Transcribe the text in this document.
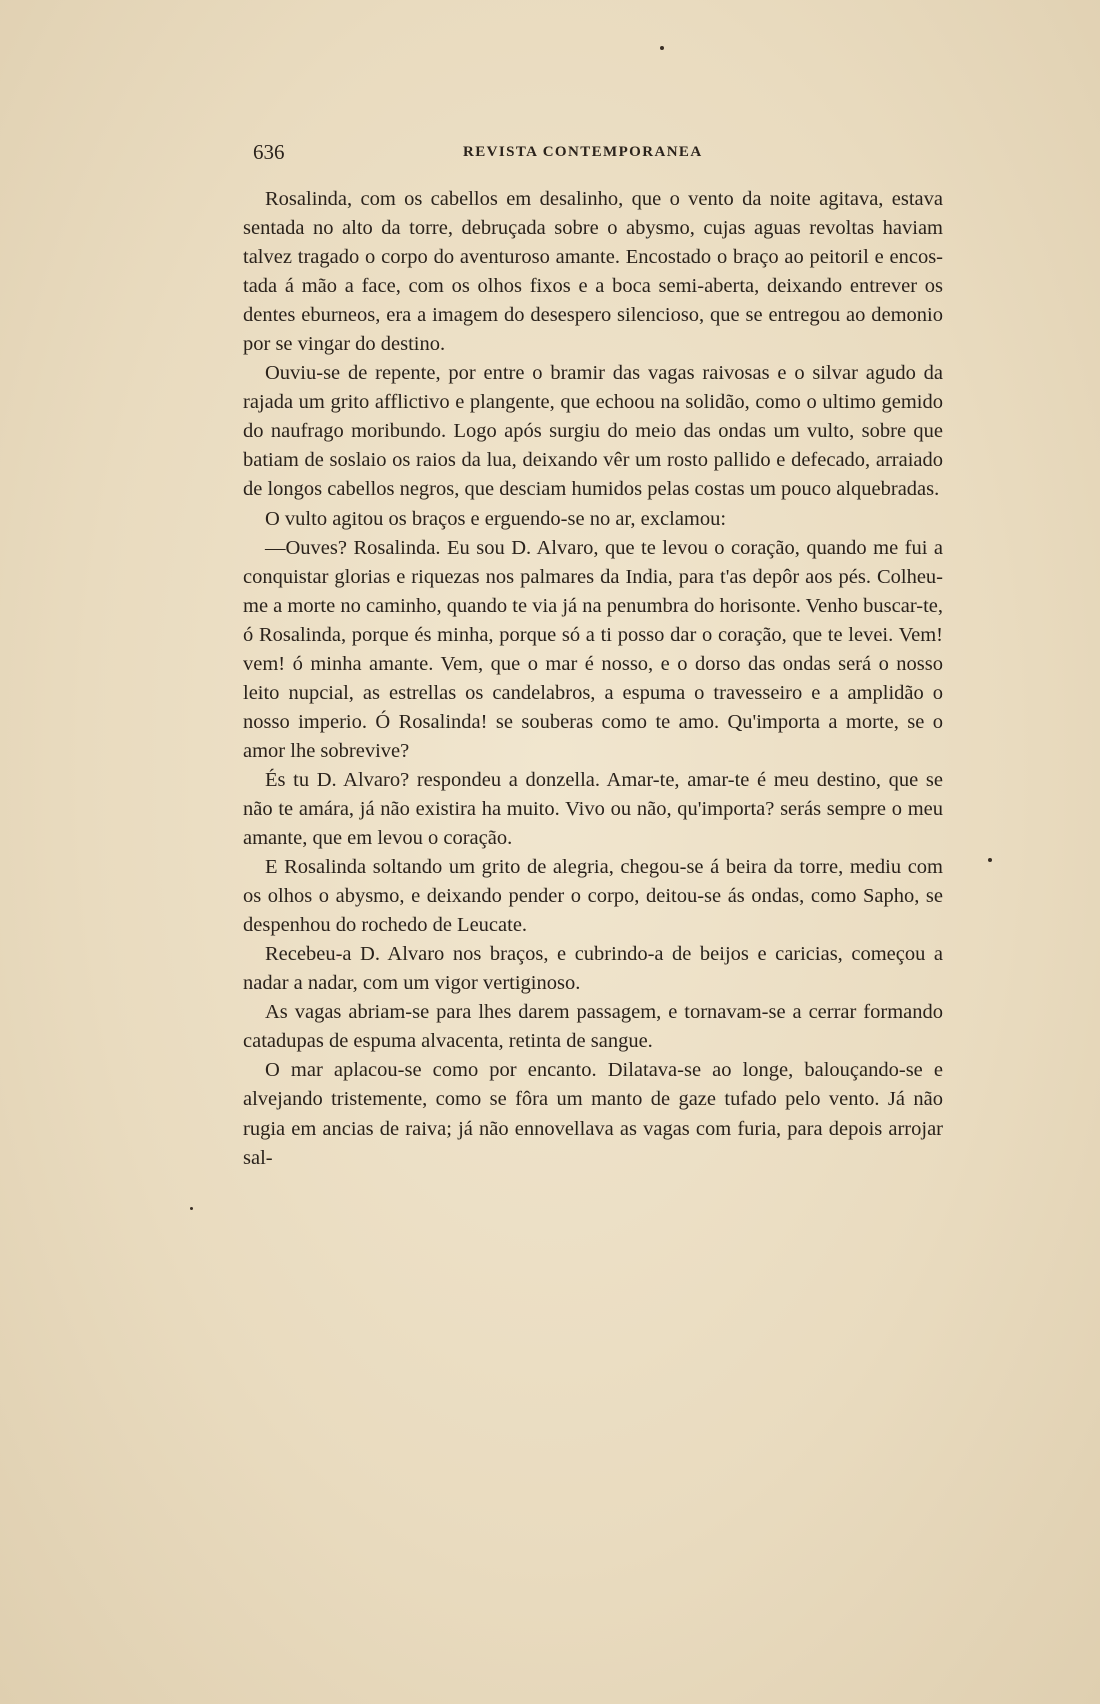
636	REVISTA CONTEMPORANEA

Rosalinda, com os cabellos em desalinho, que o vento da noite agitava, estava sentada no alto da torre, debruçada sobre o abysmo, cujas aguas revoltas haviam talvez tragado o corpo do aventuroso amante. Encostado o braço ao peitoril e encostada á mão a face, com os olhos fixos e a boca semi-aberta, deixando entrever os dentes eburneos, era a imagem do desespero silencioso, que se entregou ao demonio por se vingar do destino.

Ouviu-se de repente, por entre o bramir das vagas raivosas e o silvar agudo da rajada um grito afflictivo e plangente, que echoou na solidão, como o ultimo gemido do naufrago moribundo. Logo após surgiu do meio das ondas um vulto, sobre que batiam de soslaio os raios da lua, deixando vêr um rosto pallido e defecado, arraiado de longos cabellos negros, que desciam humidos pelas costas um pouco alquebradas.

O vulto agitou os braços e erguendo-se no ar, exclamou:

—Ouves? Rosalinda. Eu sou D. Alvaro, que te levou o coração, quando me fui a conquistar glorias e riquezas nos palmares da India, para t'as depôr aos pés. Colheu-me a morte no caminho, quando te via já na penumbra do horisonte. Venho buscar-te, ó Rosalinda, porque és minha, porque só a ti posso dar o coração, que te levei. Vem! vem! ó minha amante. Vem, que o mar é nosso, e o dorso das ondas será o nosso leito nupcial, as estrellas os candelabros, a espuma o travesseiro e a amplidão o nosso imperio. Ó Rosalinda! se souberas como te amo. Qu'importa a morte, se o amor lhe sobrevive?

És tu D. Alvaro? respondeu a donzella. Amar-te, amar-te é meu destino, que se não te amára, já não existira ha muito. Vivo ou não, qu'importa? serás sempre o meu amante, que em levou o coração.

E Rosalinda soltando um grito de alegria, chegou-se á beira da torre, mediu com os olhos o abysmo, e deixando pender o corpo, deitou-se ás ondas, como Sapho, se despenhou do rochedo de Leucate.

Recebeu-a D. Alvaro nos braços, e cubrindo-a de beijos e caricias, começou a nadar a nadar, com um vigor vertiginoso.

As vagas abriam-se para lhes darem passagem, e tornavam-se a cerrar formando catadupas de espuma alvacenta, retinta de sangue.

O mar aplacou-se como por encanto. Dilatava-se ao longe, balouçando-se e alvejando tristemente, como se fôra um manto de gaze tufado pelo vento. Já não rugia em ancias de raiva; já não ennovellava as vagas com furia, para depois arrojar sal-
